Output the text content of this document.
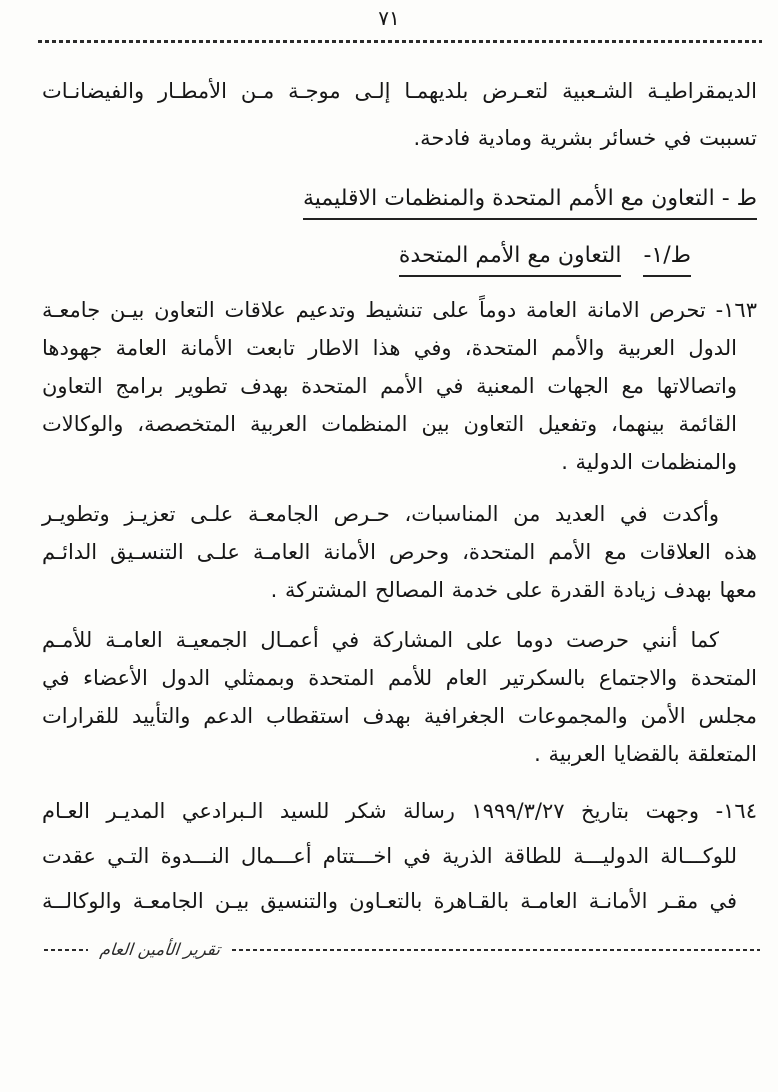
٧١
الديمقراطيـة الشـعبية لتعـرض بلديهمـا إلـى موجـة مـن الأمطـار والفيضانـات
تسببت في خسائر بشرية ومادية فادحة.
ط - التعاون مع الأمم المتحدة والمنظمات الاقليمية
ط/١-التعاون مع الأمم المتحدة
١٦٣- تحرص الامانة العامة دوماً على تنشيط وتدعيم علاقات التعاون بيـن جامعـة
الدول العربية والأمم المتحدة، وفي هذا الاطار تابعت الأمانة العامة جهودها
واتصالاتها مع الجهات المعنية في الأمم المتحدة بهدف تطوير برامج التعاون
القائمة بينهما، وتفعيل التعاون بين المنظمات العربية المتخصصة، والوكالات
والمنظمات الدولية .
وأكدت في العديد من المناسبات، حـرص الجامعـة علـى تعزيـز وتطويـر
هذه العلاقات مع الأمم المتحدة، وحرص الأمانة العامـة علـى التنسـيق الدائـم
معها بهدف زيادة القدرة على خدمة المصالح المشتركة .
كما أنني حرصت دوما على المشاركة في أعمـال الجمعيـة العامـة للأمـم
المتحدة والاجتماع بالسكرتير العام للأمم المتحدة وبممثلي الدول الأعضاء في
مجلس الأمن والمجموعات الجغرافية بهدف استقطاب الدعم والتأييد للقرارات
المتعلقة بالقضايا العربية .
١٦٤- وجهت بتاريخ ١٩٩٩/٣/٢٧ رسالة شكر للسيد الـبرادعي المديـر العـام
للوكـــالة الدوليـــة للطاقة الذرية في اخـــتتام أعـــمال النـــدوة التـي عقدت
في مقـر الأمانـة العامـة بالقـاهرة بالتعـاون والتنسيق بيـن الجامعـة والوكالــة
تقرير الأمين العام
